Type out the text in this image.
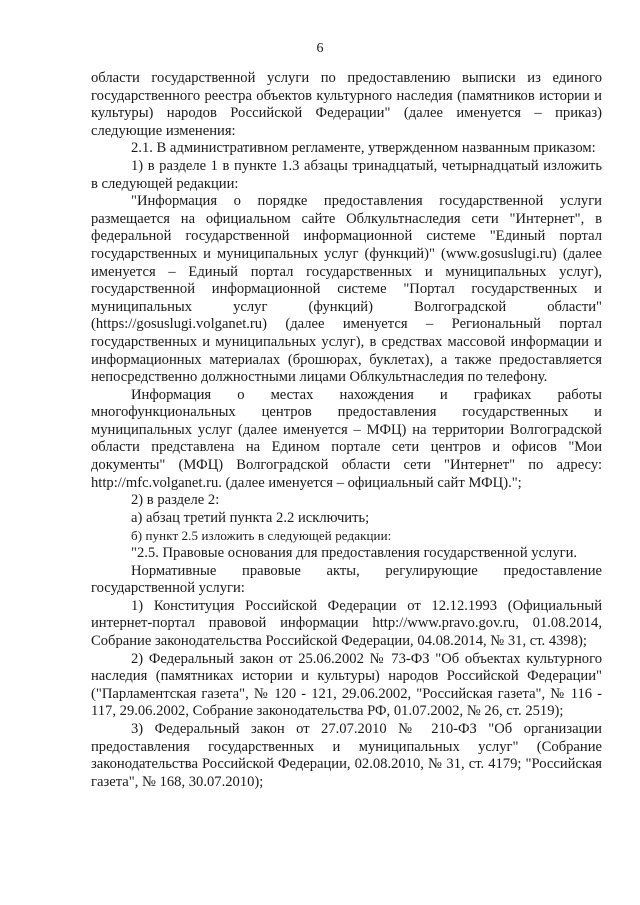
6

области государственной услуги по предоставлению выписки из единого государственного реестра объектов культурного наследия (памятников истории и культуры) народов Российской Федерации" (далее именуется – приказ) следующие изменения:

2.1. В административном регламенте, утвержденном названным приказом:

1) в разделе 1 в пункте 1.3 абзацы тринадцатый, четырнадцатый изложить в следующей редакции:

"Информация о порядке предоставления государственной услуги размещается на официальном сайте Облкультнаследия сети "Интернет", в федеральной государственной информационной системе "Единый портал государственных и муниципальных услуг (функций)" (www.gosuslugi.ru) (далее именуется – Единый портал государственных и муниципальных услуг), государственной информационной системе "Портал государственных и муниципальных услуг (функций) Волгоградской области" (https://gosuslugi.volganet.ru) (далее именуется – Региональный портал государственных и муниципальных услуг), в средствах массовой информации и информационных материалах (брошюрах, буклетах), а также предоставляется непосредственно должностными лицами Облкультнаследия по телефону.

Информация о местах нахождения и графиках работы многофункциональных центров предоставления государственных и муниципальных услуг (далее именуется – МФЦ) на территории Волгоградской области представлена на Едином портале сети центров и офисов "Мои документы" (МФЦ) Волгоградской области сети "Интернет" по адресу: http://mfc.volganet.ru. (далее именуется – официальный сайт МФЦ).";

2) в разделе 2:

а) абзац третий пункта 2.2 исключить;

б) пункт 2.5 изложить в следующей редакции:

"2.5. Правовые основания для предоставления государственной услуги.

Нормативные правовые акты, регулирующие предоставление государственной услуги:

1) Конституция Российской Федерации от 12.12.1993 (Официальный интернет-портал правовой информации http://www.pravo.gov.ru, 01.08.2014, Собрание законодательства Российской Федерации, 04.08.2014, № 31, ст. 4398);

2) Федеральный закон от 25.06.2002 № 73-ФЗ "Об объектах культурного наследия (памятниках истории и культуры) народов Российской Федерации" ("Парламентская газета", № 120 - 121, 29.06.2002, "Российская газета", № 116 - 117, 29.06.2002, Собрание законодательства РФ, 01.07.2002, № 26, ст. 2519);

3) Федеральный закон от 27.07.2010 № 210-ФЗ "Об организации предоставления государственных и муниципальных услуг" (Собрание законодательства Российской Федерации, 02.08.2010, № 31, ст. 4179; "Российская газета", № 168, 30.07.2010);
